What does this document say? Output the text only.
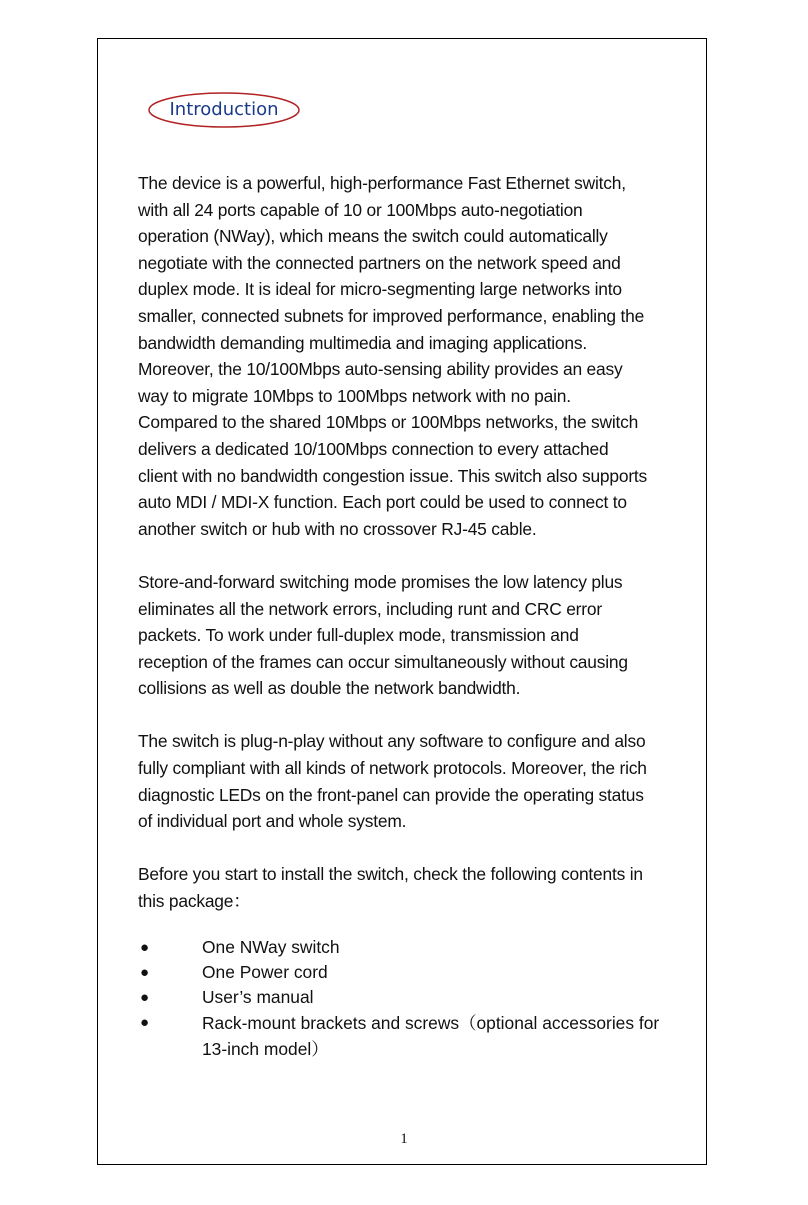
Introduction

The device is a powerful, high-performance Fast Ethernet switch,
with all 24 ports capable of 10 or 100Mbps auto-negotiation
operation (NWay), which means the switch could automatically
negotiate with the connected partners on the network speed and
duplex mode. It is ideal for micro-segmenting large networks into
smaller, connected subnets for improved performance, enabling the
bandwidth demanding multimedia and imaging applications.
Moreover, the 10/100Mbps auto-sensing ability provides an easy
way to migrate 10Mbps to 100Mbps network with no pain.
Compared to the shared 10Mbps or 100Mbps networks, the switch
delivers a dedicated 10/100Mbps connection to every attached
client with no bandwidth congestion issue. This switch also supports
auto MDI / MDI-X function. Each port could be used to connect to
another switch or hub with no crossover RJ-45 cable.

Store-and-forward switching mode promises the low latency plus
eliminates all the network errors, including runt and CRC error
packets. To work under full-duplex mode, transmission and
reception of the frames can occur simultaneously without causing
collisions as well as double the network bandwidth.

The switch is plug-n-play without any software to configure and also
fully compliant with all kinds of network protocols. Moreover, the rich
diagnostic LEDs on the front-panel can provide the operating status
of individual port and whole system.

Before you start to install the switch, check the following contents in
this package：

●	One NWay switch
●	One Power cord
●	User’s manual
●	Rack-mount brackets and screws（optional accessories for
13-inch model）
1
